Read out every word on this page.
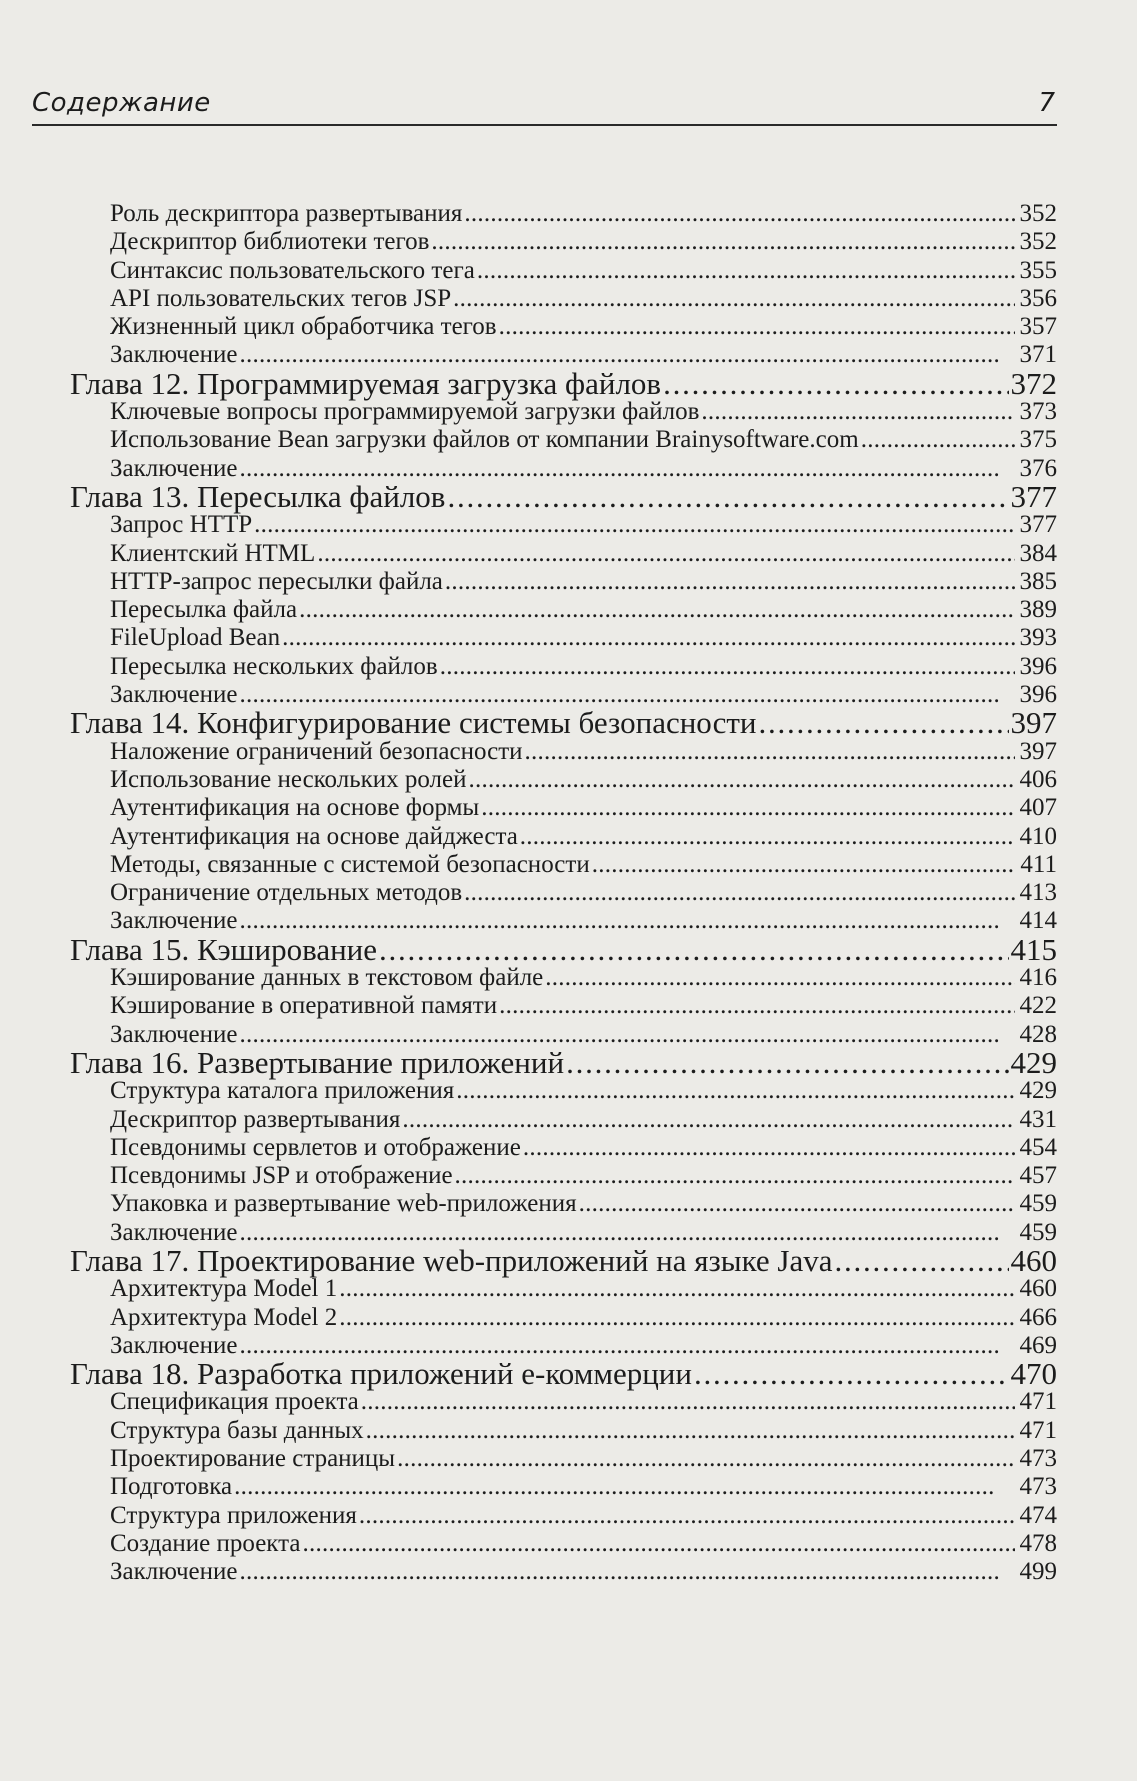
Содержание	7
Роль дескриптора развертывания . . .	352
Дескриптор библиотеки тегов . . .	352
Синтаксис пользовательского тега . . .	355
API пользовательских тегов JSP . . .	356
Жизненный цикл обработчика тегов . . .	357
Заключение . . .	371
Глава 12. Программируемая загрузка файлов . . .	372
Ключевые вопросы программируемой загрузки файлов . . .	373
Использование Bean загрузки файлов от компании Brainysoftware.com . . .	375
Заключение . . .	376
Глава 13. Пересылка файлов . . .	377
Запрос HTTP . . .	377
Клиентский HTML . . .	384
HTTP-запрос пересылки файла . . .	385
Пересылка файла . . .	389
FileUpload Bean . . .	393
Пересылка нескольких файлов . . .	396
Заключение . . .	396
Глава 14. Конфигурирование системы безопасности . . .	397
Наложение ограничений безопасности . . .	397
Использование нескольких ролей . . .	406
Аутентификация на основе формы . . .	407
Аутентификация на основе дайджеста . . .	410
Методы, связанные с системой безопасности . . .	411
Ограничение отдельных методов . . .	413
Заключение . . .	414
Глава 15. Кэширование . . .	415
Кэширование данных в текстовом файле . . .	416
Кэширование в оперативной памяти . . .	422
Заключение . . .	428
Глава 16. Развертывание приложений . . .	429
Структура каталога приложения . . .	429
Дескриптор развертывания . . .	431
Псевдонимы сервлетов и отображение . . .	454
Псевдонимы JSP и отображение . . .	457
Упаковка и развертывание web-приложения . . .	459
Заключение . . .	459
Глава 17. Проектирование web-приложений на языке Java . . .	460
Архитектура Model 1 . . .	460
Архитектура Model 2 . . .	466
Заключение . . .	469
Глава 18. Разработка приложений е-коммерции . . .	470
Спецификация проекта . . .	471
Структура базы данных . . .	471
Проектирование страницы . . .	473
Подготовка . . .	473
Структура приложения . . .	474
Создание проекта . . .	478
Заключение . . .	499
